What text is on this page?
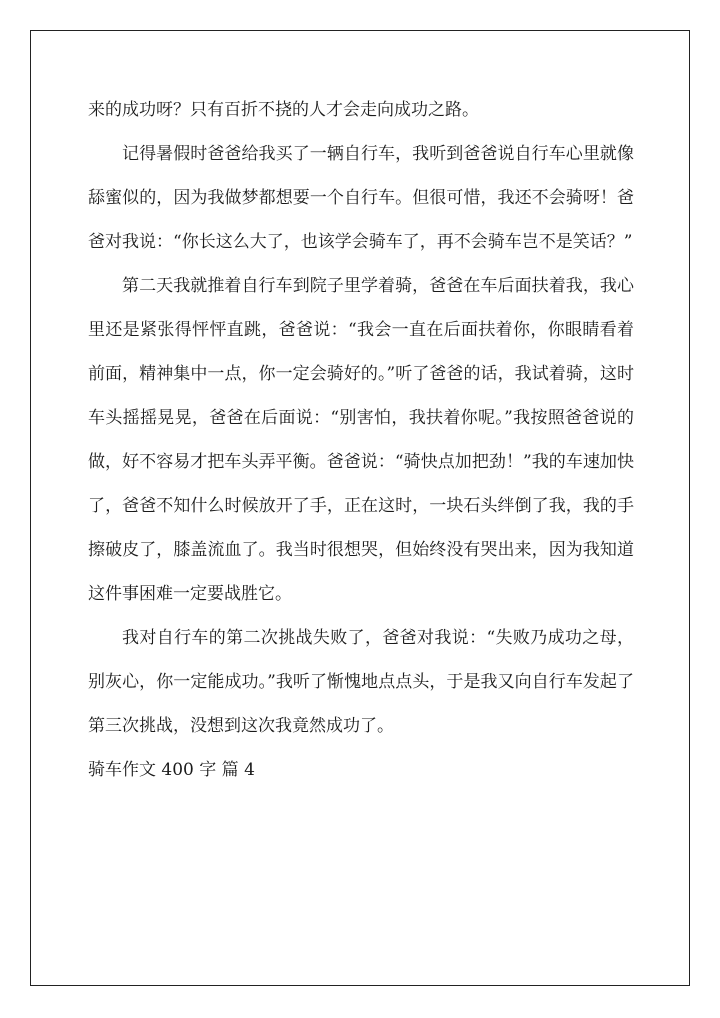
来的成功呀？只有百折不挠的人才会走向成功之路。

记得暑假时爸爸给我买了一辆自行车，我听到爸爸说自行车心里就像舔蜜似的，因为我做梦都想要一个自行车。但很可惜，我还不会骑呀！爸爸对我说：“你长这么大了，也该学会骑车了，再不会骑车岂不是笑话？”

第二天我就推着自行车到院子里学着骑，爸爸在车后面扶着我，我心里还是紧张得怦怦直跳，爸爸说：“我会一直在后面扶着你，你眼睛看着前面，精神集中一点，你一定会骑好的。”听了爸爸的话，我试着骑，这时车头摇摇晃晃，爸爸在后面说：“别害怕，我扶着你呢。”我按照爸爸说的做，好不容易才把车头弄平衡。爸爸说：“骑快点加把劲！”我的车速加快了，爸爸不知什么时候放开了手，正在这时，一块石头绊倒了我，我的手擦破皮了，膝盖流血了。我当时很想哭，但始终没有哭出来，因为我知道这件事困难一定要战胜它。

我对自行车的第二次挑战失败了，爸爸对我说：“失败乃成功之母，别灰心，你一定能成功。”我听了惭愧地点点头，于是我又向自行车发起了第三次挑战，没想到这次我竟然成功了。

骑车作文 400 字 篇 4
